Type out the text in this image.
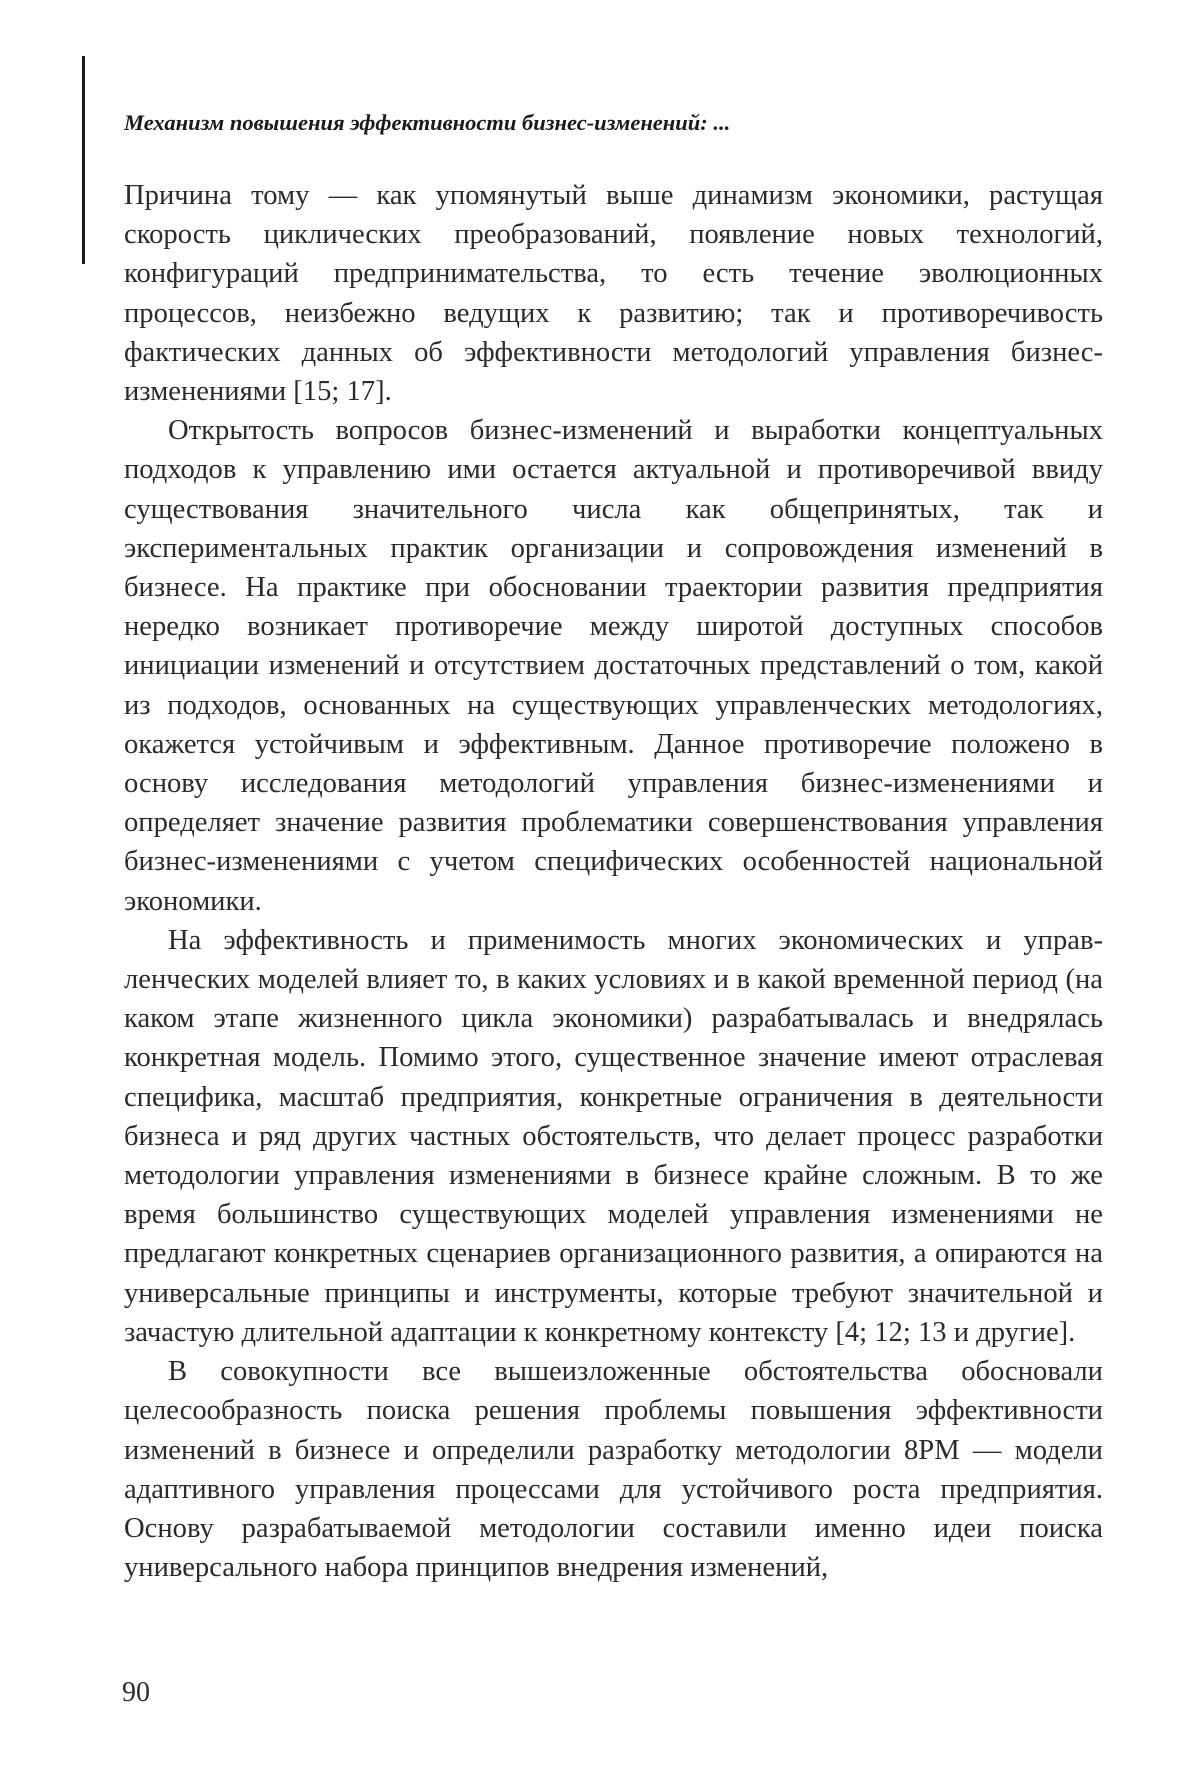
Механизм повышения эффективности бизнес-изменений: ...

Причина тому — как упомянутый выше динамизм экономики, растущая скорость циклических преобразований, появление новых технологий, конфигураций предпринимательства, то есть течение эволюционных процессов, неизбежно ведущих к развитию; так и противоречивость фактических данных об эффективности методологий управления биз­нес-изменениями [15; 17].

Открытость вопросов бизнес-изменений и выработки концептуаль­ных подходов к управлению ими остается актуальной и противоречи­вой ввиду существования значительного числа как общепринятых, так и экспериментальных практик организации и сопровождения изме­нений в бизнесе. На практике при обосновании траектории развития предприятия нередко возникает противоречие между широтой до­ступных способов инициации изменений и отсутствием достаточных представлений о том, какой из подходов, основанных на существующих управленческих методологиях, окажется устойчивым и эффективным. Данное противоречие положено в основу исследования методологий управления бизнес-изменениями и определяет значение развития про­блематики совершенствования управления бизнес-изменениями с учетом специфических особенностей национальной экономики.

На эффективность и применимость многих экономических и управ­ленческих моделей влияет то, в каких условиях и в какой временной период (на каком этапе жизненного цикла экономики) разрабатывалась и внедрялась конкретная модель. Помимо этого, существенное значение имеют отраслевая специфика, масштаб предприятия, конкретные огра­ничения в деятельности бизнеса и ряд других частных обстоятельств, что делает процесс разработки методологии управления изменениями в бизнесе крайне сложным. В то же время большинство существующих моделей управления изменениями не предлагают конкретных сценариев организационного развития, а опираются на универсальные принципы и инструменты, которые требуют значительной и зачастую длительной адаптации к конкретному контексту [4; 12; 13 и другие].

В совокупности все вышеизложенные обстоятельства обосновали целесообразность поиска решения проблемы повышения эффективно­сти изменений в бизнесе и определили разработку методологии 8PM — модели адаптивного управления процессами для устойчивого роста предприятия. Основу разрабатываемой методологии составили именно идеи поиска универсального набора принципов внедрения изменений,

90
